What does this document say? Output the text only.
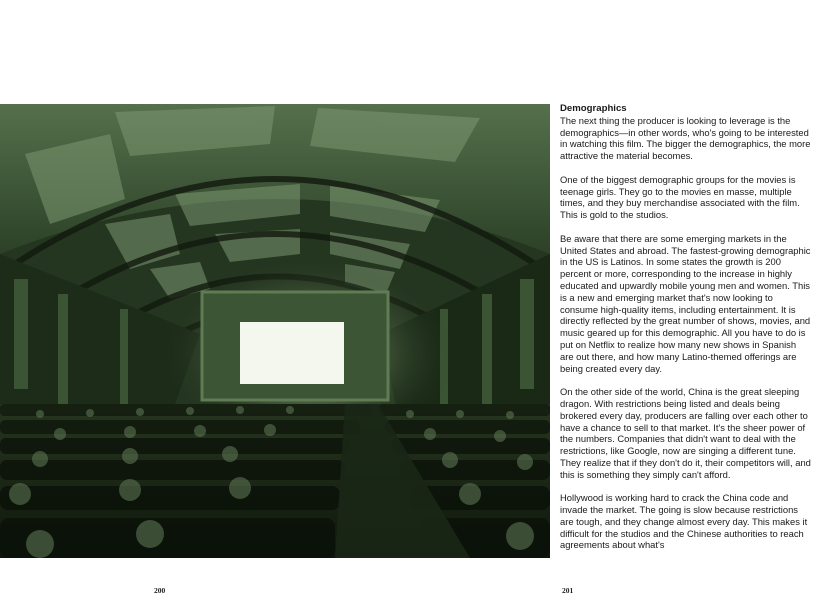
200

Demographics

The next thing the producer is looking to leverage is the demographics—in other words, who's going to be interested in watching this film. The bigger the demographics, the more attractive the material becomes.

One of the biggest demographic groups for the movies is teenage girls. They go to the movies en masse, multiple times, and they buy merchandise associated with the film. This is gold to the studios.

Be aware that there are some emerging markets in the United States and abroad. The fastest-growing demographic in the US is Latinos. In some states the growth is 200 percent or more, corresponding to the increase in highly educated and upwardly mobile young men and women. This is a new and emerging market that's now looking to consume high-quality items, including entertainment. It is directly reflected by the great number of shows, movies, and music geared up for this demographic. All you have to do is put on Netflix to realize how many new shows in Spanish are out there, and how many Latino-themed offerings are being created every day.

On the other side of the world, China is the great sleeping dragon. With restrictions being listed and deals being brokered every day, producers are falling over each other to have a chance to sell to that market. It's the sheer power of the numbers. Companies that didn't want to deal with the restrictions, like Google, now are singing a different tune. They realize that if they don't do it, their competitors will, and this is something they simply can't afford.

Hollywood is working hard to crack the China code and invade the market. The going is slow because restrictions are tough, and they change almost every day. This makes it difficult for the studios and the Chinese authorities to reach agreements about what's

201
